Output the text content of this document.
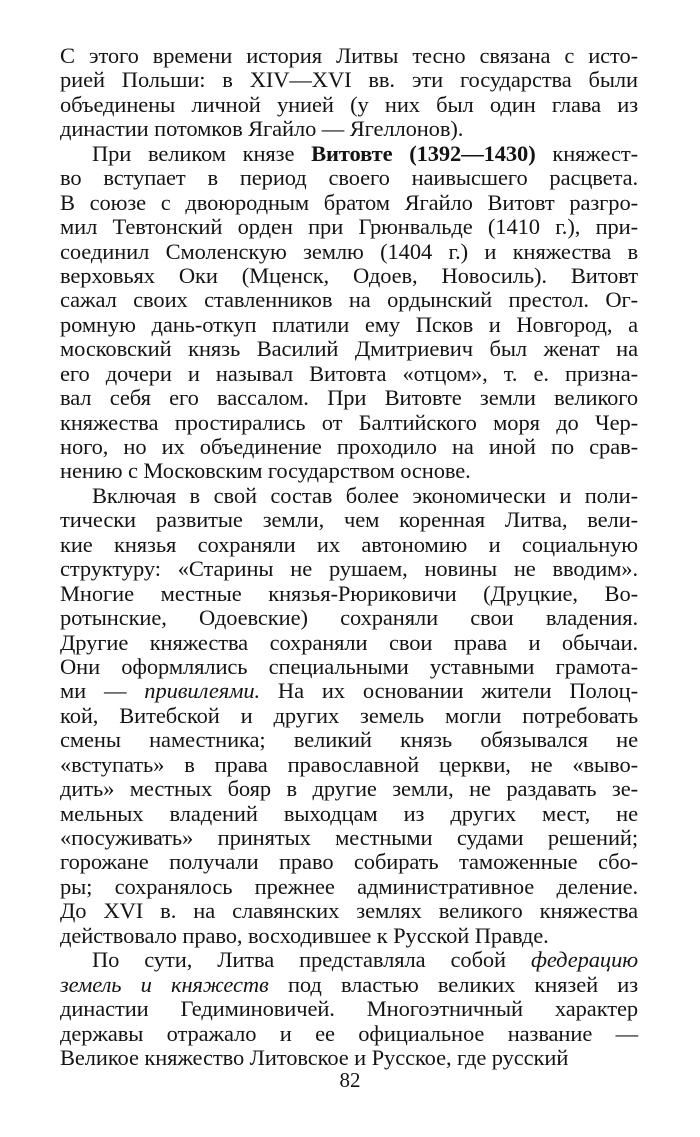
С этого времени история Литвы тесно связана с исто-
рией Польши: в XIV—XVI вв. эти государства были
объединены личной унией (у них был один глава из
династии потомков Ягайло — Ягеллонов).
При великом князе Витовте (1392—1430) княжест-
во вступает в период своего наивысшего расцвета.
В союзе с двоюродным братом Ягайло Витовт разгро-
мил Тевтонский орден при Грюнвальде (1410 г.), при-
соединил Смоленскую землю (1404 г.) и княжества в
верховьях Оки (Мценск, Одоев, Новосиль). Витовт
сажал своих ставленников на ордынский престол. Ог-
ромную дань-откуп платили ему Псков и Новгород, а
московский князь Василий Дмитриевич был женат на
его дочери и называл Витовта «отцом», т. е. призна-
вал себя его вассалом. При Витовте земли великого
княжества простирались от Балтийского моря до Чер-
ного, но их объединение проходило на иной по срав-
нению с Московским государством основе.
Включая в свой состав более экономически и поли-
тически развитые земли, чем коренная Литва, вели-
кие князья сохраняли их автономию и социальную
структуру: «Старины не рушаем, новины не вводим».
Многие местные князья-Рюриковичи (Друцкие, Во-
ротынские, Одоевские) сохраняли свои владения.
Другие княжества сохраняли свои права и обычаи.
Они оформлялись специальными уставными грамота-
ми — привилеями. На их основании жители Полоц-
кой, Витебской и других земель могли потребовать
смены наместника; великий князь обязывался не
«вступать» в права православной церкви, не «выво-
дить» местных бояр в другие земли, не раздавать зе-
мельных владений выходцам из других мест, не
«посуживать» принятых местными судами решений;
горожане получали право собирать таможенные сбо-
ры; сохранялось прежнее административное деление.
До XVI в. на славянских землях великого княжества
действовало право, восходившее к Русской Правде.
По сути, Литва представляла собой федерацию
земель и княжеств под властью великих князей из
династии Гедиминовичей. Многоэтничный характер
державы отражало и ее официальное название —
Великое княжество Литовское и Русское, где русский
82
